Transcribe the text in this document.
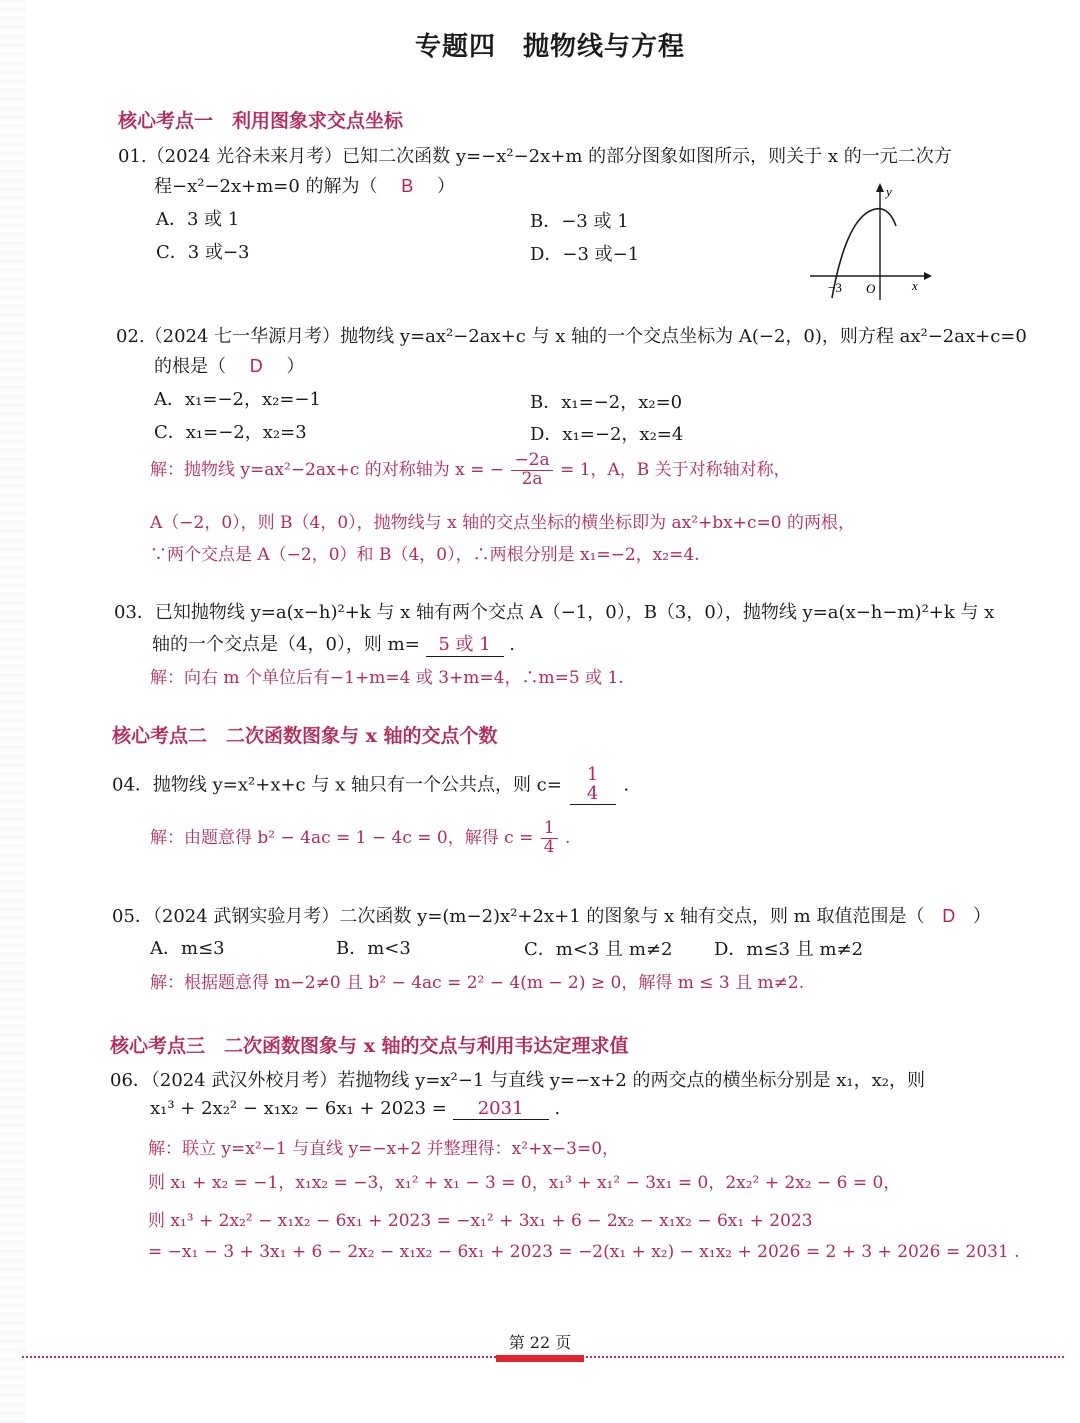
专题四　抛物线与方程
核心考点一　利用图象求交点坐标
01.（2024 光谷未来月考）已知二次函数 y=−x²−2x+m 的部分图象如图所示，则关于 x 的一元二次方
程−x²−2x+m=0 的解为（ B ）
A．3 或 1	B．−3 或 1
C．3 或−3	D．−3 或−1
y
x
O
−3
02.（2024 七一华源月考）抛物线 y=ax²−2ax+c 与 x 轴的一个交点坐标为 A(−2，0)，则方程 ax²−2ax+c=0
的根是（ D ）
A．x₁=−2，x₂=−1	B．x₁=−2，x₂=0
C．x₁=−2，x₂=3	D．x₁=−2，x₂=4
解：抛物线 y=ax²−2ax+c 的对称轴为 x = − $\frac{-2a}{2a} = 1$，A，B 关于对称轴对称，
A（−2，0），则 B（4，0），抛物线与 x 轴的交点坐标的横坐标即为 ax²+bx+c=0 的两根，
∵两个交点是 A（−2，0）和 B（4，0），∴两根分别是 x₁=−2，x₂=4.
03．已知抛物线 y=a(x−h)²+k 与 x 轴有两个交点 A（−1，0），B（3，0），抛物线 y=a(x−h−m)²+k 与 x
轴的一个交点是（4，0），则 m= 5 或 1 .
解：向右 m 个单位后有−1+m=4 或 3+m=4，∴m=5 或 1.
核心考点二　二次函数图象与 x 轴的交点个数
04．抛物线 y=x²+x+c 与 x 轴只有一个公共点，则 c=	1
4	.
解：由题意得 b² − 4ac = 1 − 4c = 0，解得 $c = \frac{1}{4}$ .
05．（2024 武钢实验月考）二次函数 y=(m−2)x²+2x+1 的图象与 x 轴有交点，则 m 取值范围是（ D ）
A．m≤3	B．m<3	C．m<3 且 m≠2 D．m≤3 且 m≠2
解：根据题意得 m−2≠0 且 b² − 4ac = 2² − 4(m − 2) ≥ 0，解得 m ≤ 3 且 m≠2.
核心考点三　二次函数图象与 x 轴的交点与利用韦达定理求值
06．（2024 武汉外校月考）若抛物线 y=x²−1 与直线 y=−x+2 的两交点的横坐标分别是 x₁，x₂，则
x₁³ + 2x₂² − x₁x₂ − 6x₁ + 2023 = 2031 .
解：联立 y=x²−1 与直线 y=−x+2 并整理得：x²+x−3=0，
则 x₁ + x₂ = −1，x₁x₂ = −3，x₁² + x₁ − 3 = 0，x₁³ + x₁² − 3x₁ = 0，2x₂² + 2x₂ − 6 = 0，
则 x₁³ + 2x₂² − x₁x₂ − 6x₁ + 2023 = −x₁² + 3x₁ + 6 − 2x₂ − x₁x₂ − 6x₁ + 2023
= −x₁ − 3 + 3x₁ + 6 − 2x₂ − x₁x₂ − 6x₁ + 2023 = −2(x₁ + x₂) − x₁x₂ + 2026 = 2 + 3 + 2026 = 2031 .
第 22 页
